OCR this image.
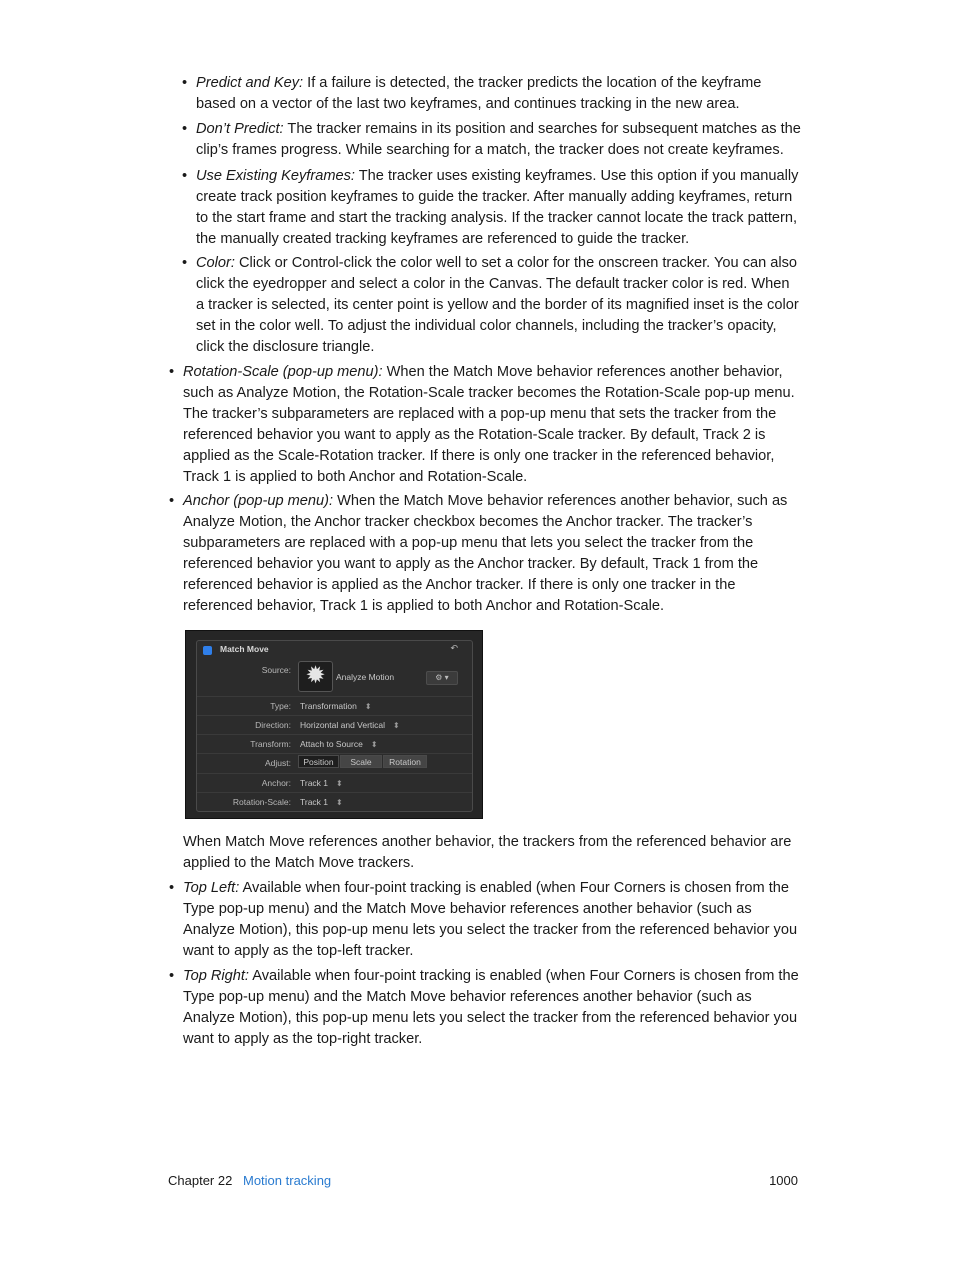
• Predict and Key: If a failure is detected, the tracker predicts the location of the keyframe based on a vector of the last two keyframes, and continues tracking in the new area.
• Don’t Predict: The tracker remains in its position and searches for subsequent matches as the clip’s frames progress. While searching for a match, the tracker does not create keyframes.
• Use Existing Keyframes: The tracker uses existing keyframes. Use this option if you manually create track position keyframes to guide the tracker. After manually adding keyframes, return to the start frame and start the tracking analysis. If the tracker cannot locate the track pattern, the manually created tracking keyframes are referenced to guide the tracker.
• Color: Click or Control-click the color well to set a color for the onscreen tracker. You can also click the eyedropper and select a color in the Canvas. The default tracker color is red. When a tracker is selected, its center point is yellow and the border of its magnified inset is the color set in the color well. To adjust the individual color channels, including the tracker’s opacity, click the disclosure triangle.
• Rotation-Scale (pop-up menu): When the Match Move behavior references another behavior, such as Analyze Motion, the Rotation-Scale tracker becomes the Rotation-Scale pop-up menu. The tracker’s subparameters are replaced with a pop-up menu that sets the tracker from the referenced behavior you want to apply as the Rotation-Scale tracker. By default, Track 2 is applied as the Scale-Rotation tracker. If there is only one tracker in the referenced behavior, Track 1 is applied to both Anchor and Rotation-Scale.
• Anchor (pop-up menu): When the Match Move behavior references another behavior, such as Analyze Motion, the Anchor tracker checkbox becomes the Anchor tracker. The tracker’s subparameters are replaced with a pop-up menu that lets you select the tracker from the referenced behavior you want to apply as the Anchor tracker. By default, Track 1 from the referenced behavior is applied as the Anchor tracker. If there is only one tracker in the referenced behavior, Track 1 is applied to both Anchor and Rotation-Scale.
Match Move	↶
Source: ✹ Analyze Motion	⚙ ▾
Type: Transformation ⬍
Direction: Horizontal and Vertical ⬍
Transform: Attach to Source ⬍
Adjust:	Position	Scale	Rotation
Anchor: Track 1 ⬍
Rotation-Scale: Track 1 ⬍
When Match Move references another behavior, the trackers from the referenced behavior are applied to the Match Move trackers.
• Top Left: Available when four-point tracking is enabled (when Four Corners is chosen from the Type pop-up menu) and the Match Move behavior references another behavior (such as Analyze Motion), this pop-up menu lets you select the tracker from the referenced behavior you want to apply as the top-left tracker.
• Top Right: Available when four-point tracking is enabled (when Four Corners is chosen from the Type pop-up menu) and the Match Move behavior references another behavior (such as Analyze Motion), this pop-up menu lets you select the tracker from the referenced behavior you want to apply as the top-right tracker.
Chapter 22 Motion tracking	1000
